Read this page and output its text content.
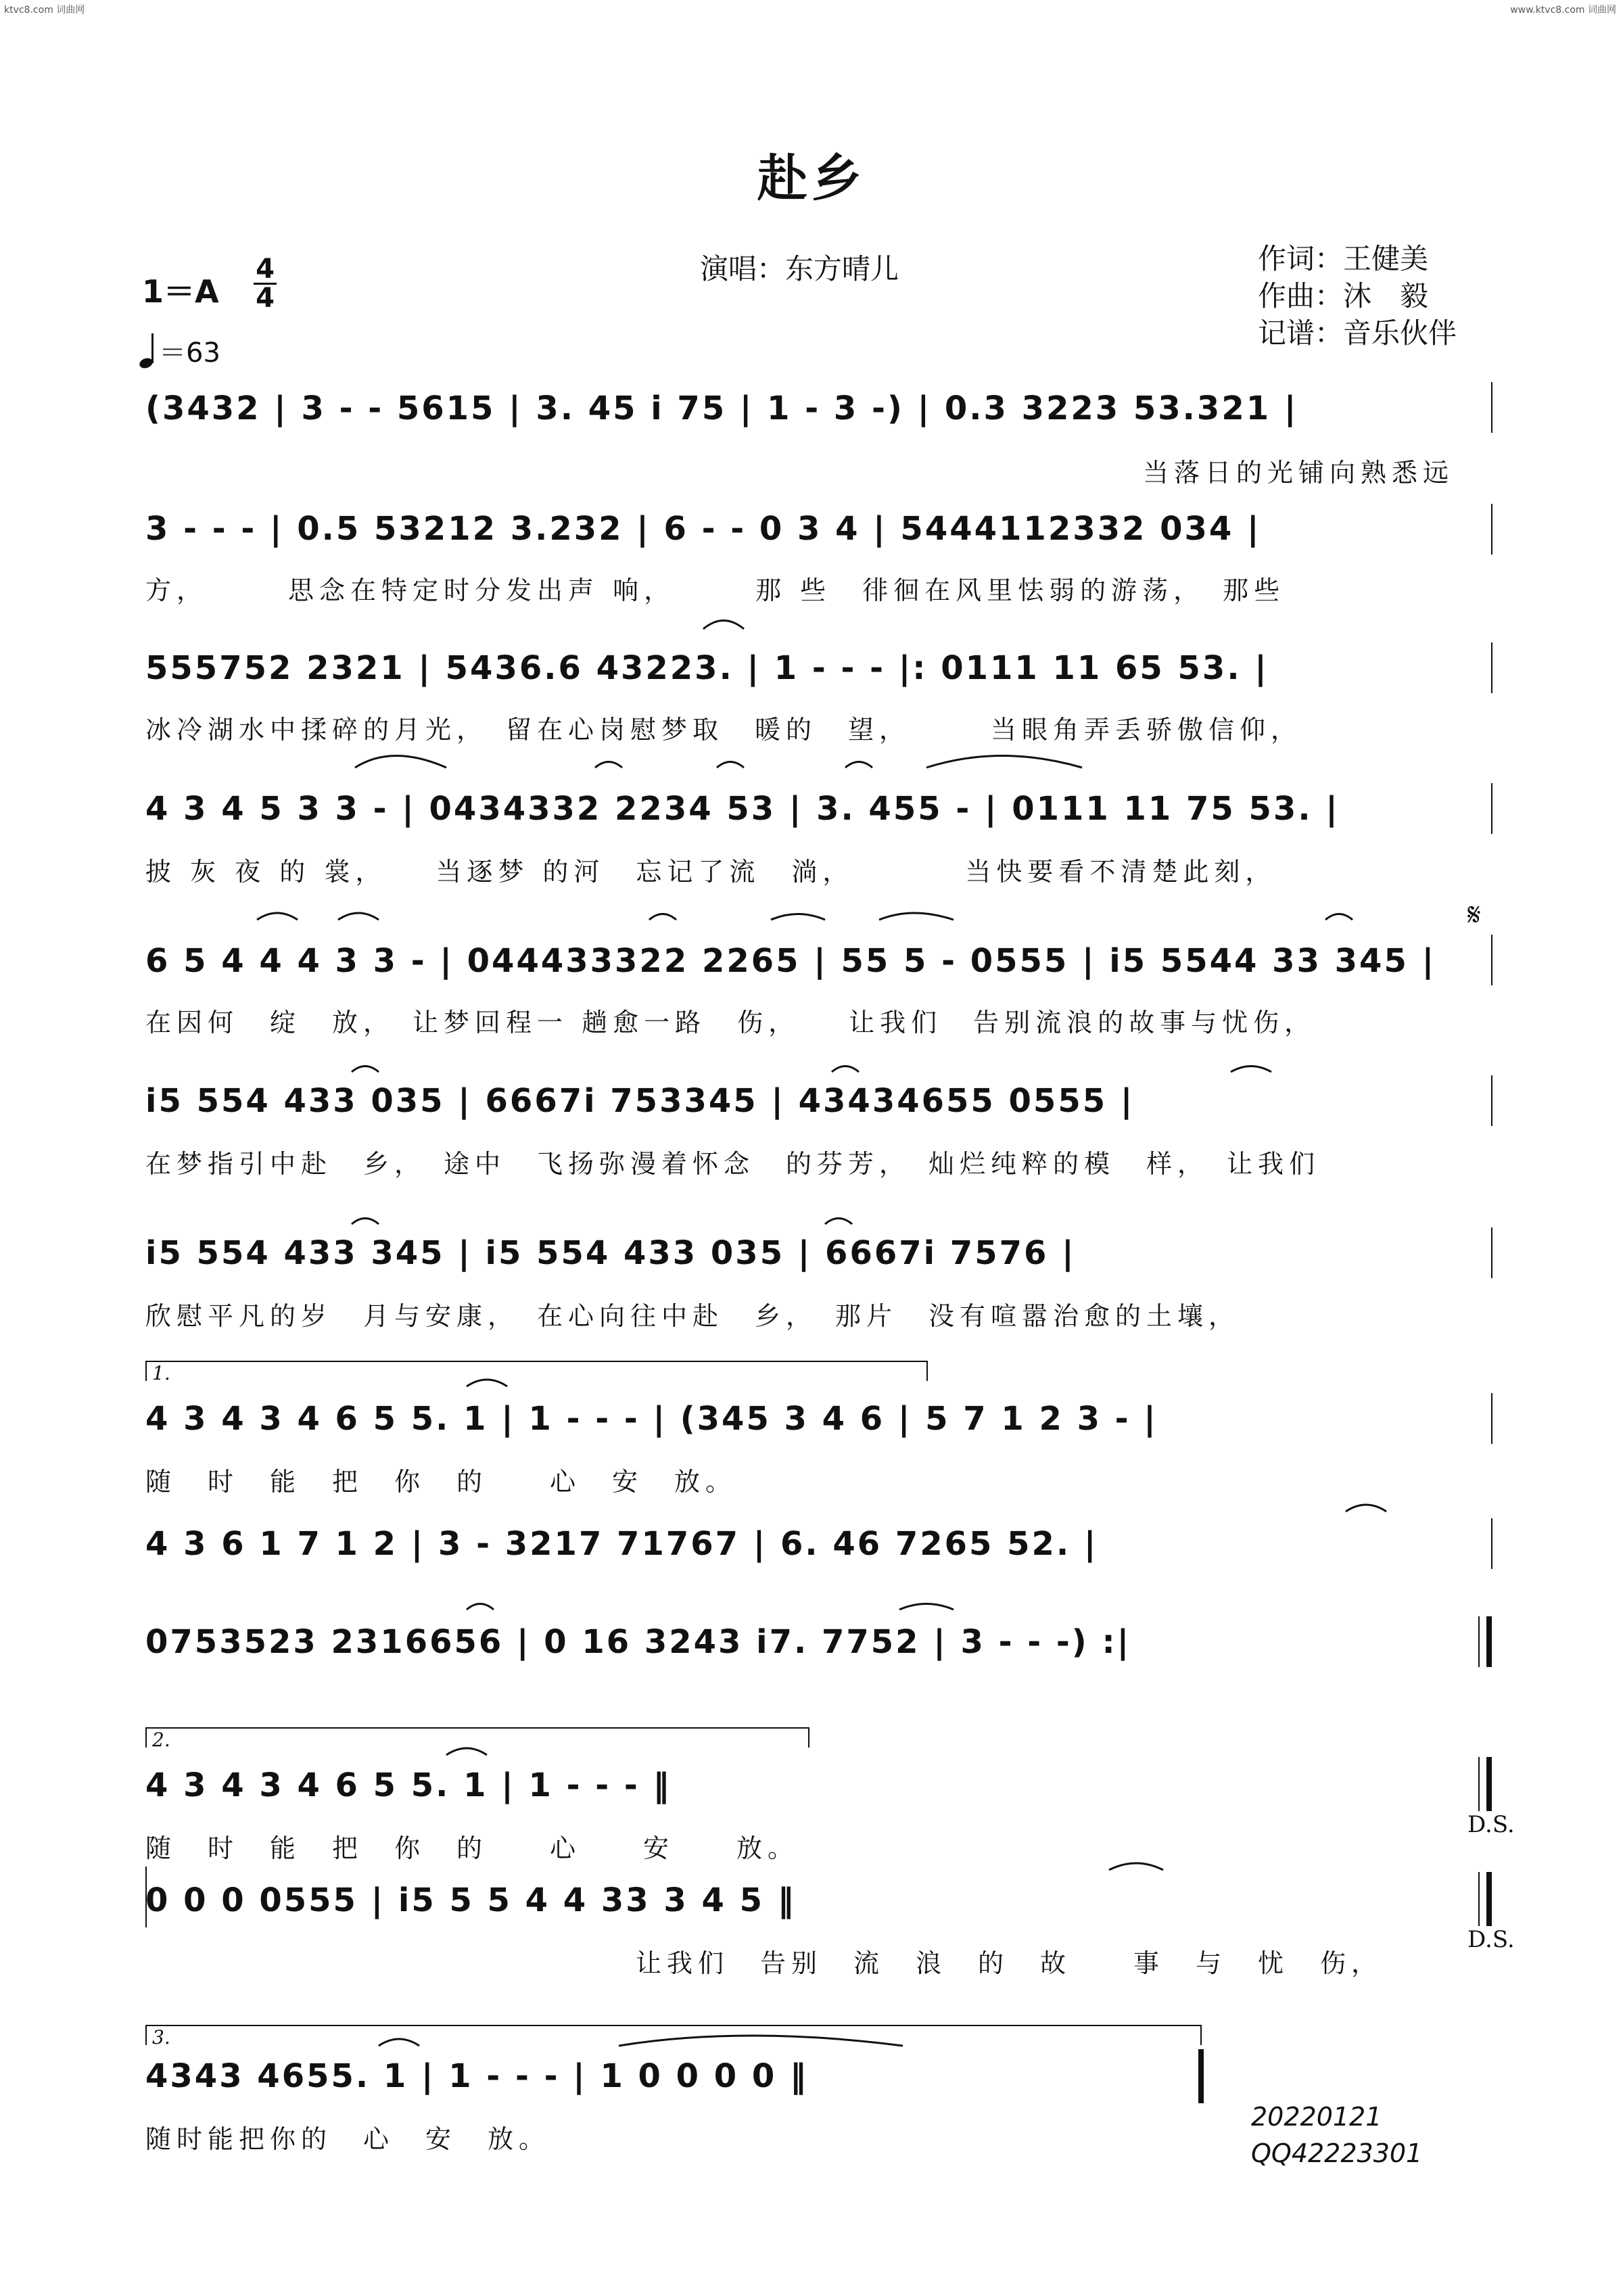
ktvc8.com 词曲网	www.ktvc8.com 词曲网
赴乡
演唱：东方晴儿	作词：王健美
作曲：沐　毅
记谱：音乐伙伴
1＝A
4
4
＝63
(3432 | 3 - - 5615 | 3. 45 i 75 | 1 - 3 -) | 0.3 3223 53.321 |
当落日的光铺向熟悉远
3 - - - | 0.5 53212 3.232 | 6 - - 0 3 4 | 5444112332 034 |
方，　　　思念在特定时分发出声 响，　　　那 些　徘徊在风里怯弱的游荡，　那些
555752 2321 | 5436.6 43223. | 1 - - - |: 0111 11 65 53. |
冰冷湖水中揉碎的月光，　留在心岗慰梦取　暖的　望，　　　当眼角弄丢骄傲信仰，
4 3 4 5 3 3 - | 0434332 2234 53 | 3. 455 - | 0111 11 75 53. |
披 灰 夜 的 裳，　　当逐梦 的河　忘记了流　淌，　　　　当快要看不清楚此刻，
6 5 4 4 4 3 3 - | 044433322 2265 | 55 5 - 0555 | i5 5544 33 345 |
在因何　绽　放，　让梦回程一 趟愈一路　伤，　　让我们　告别流浪的故事与忧伤，
𝄋
i5 554 433 035 | 6667i 753345 | 43434655 0555 |
在梦指引中赴　乡，　途中　飞扬弥漫着怀念　的芬芳，　灿烂纯粹的模　样，　让我们
i5 554 433 345 | i5 554 433 035 | 6667i 7576 |
欣慰平凡的岁　月与安康，　在心向往中赴　乡，　那片　没有喧嚣治愈的土壤，
1.
4 3 4 3 4 6 5 5. 1 | 1 - - - | (345 3 4 6 | 5 7 1 2 3 - |
随　时　能　把　你　的　　心　安　放。
4 3 6 1 7 1 2 | 3 - 3217 71767 | 6. 46 7265 52. |
0753523 2316656 | 0 16 3243 i7. 7752 | 3 - - -) :|
2.
4 3 4 3 4 6 5 5. 1 | 1 - - - ‖
随　时　能　把　你　的　　心　　安　　放。
D.S.
0 0 0 0555 | i5 5 5 4 4 33 3 4 5 ‖
让我们　告别　流　浪　的　故　　事　与　忧　伤，
D.S.
3.
4343 4655. 1 | 1 - - - | 1 0 0 0 0 ‖
随时能把你的　心　安　放。
20220121
QQ42223301
